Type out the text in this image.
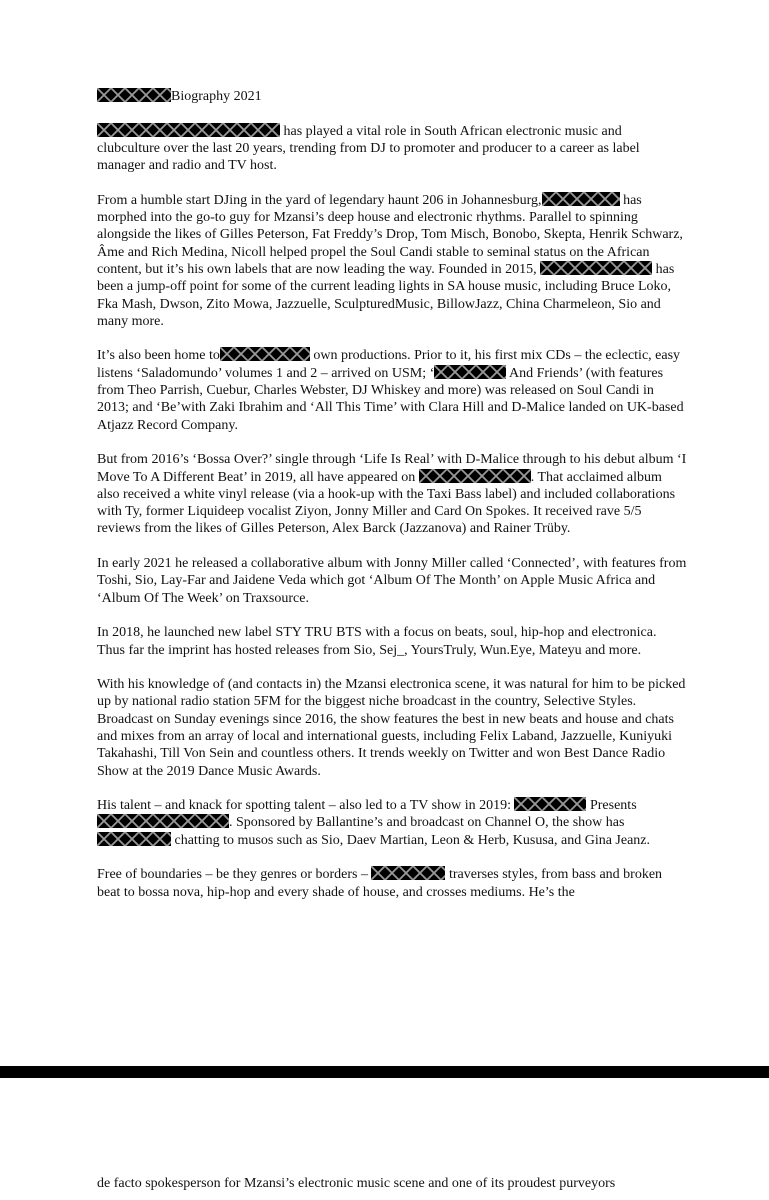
Biography 2021

has played a vital role in South African electronic music and clubculture over the last 20 years, trending from DJ to promoter and producer to a career as label manager and radio and TV host.

From a humble start DJing in the yard of legendary haunt 206 in Johannesburg,	has morphed into the go-to guy for Mzansi’s deep house and electronic rhythms. Parallel to spinning alongside the likes of Gilles Peterson, Fat Freddy’s Drop, Tom Misch, Bonobo, Skepta, Henrik Schwarz, Âme and Rich Medina, Nicoll helped propel the Soul Candi stable to seminal status on the African content, but it’s his own labels that are now leading the way. Founded in 2015,	has been a jump-off point for some of the current leading lights in SA house music, including Bruce Loko, Fka Mash, Dwson, Zito Mowa, Jazzuelle, SculpturedMusic, BillowJazz, China Charmeleon, Sio and many more.

It’s also been home to	own productions. Prior to it, his first mix CDs – the eclectic, easy listens ‘Saladomundo’ volumes 1 and 2 – arrived on USM; ‘	And Friends’ (with features from Theo Parrish, Cuebur, Charles Webster, DJ Whiskey and more) was released on Soul Candi in 2013; and ‘Be’with Zaki Ibrahim and ‘All This Time’ with Clara Hill and D-Malice landed on UK-based Atjazz Record Company.

But from 2016’s ‘Bossa Over?’ single through ‘Life Is Real’ with D-Malice through to his debut album ‘I Move To A Different Beat’ in 2019, all have appeared on	. That acclaimed album also received a white vinyl release (via a hook-up with the Taxi Bass label) and included collaborations with Ty, former Liquideep vocalist Ziyon, Jonny Miller and Card On Spokes. It received rave 5/5 reviews from the likes of Gilles Peterson, Alex Barck (Jazzanova) and Rainer Trüby.

In early 2021 he released a collaborative album with Jonny Miller called ‘Connected’, with features from Toshi, Sio, Lay-Far and Jaidene Veda which got ‘Album Of The Month’ on Apple Music Africa and ‘Album Of The Week’ on Traxsource.

In 2018, he launched new label STY TRU BTS with a focus on beats, soul, hip-hop and electronica. Thus far the imprint has hosted releases from Sio, Sej_, YoursTruly, Wun.Eye, Mateyu and more.

With his knowledge of (and contacts in) the Mzansi electronica scene, it was natural for him to be picked up by national radio station 5FM for the biggest niche broadcast in the country, Selective Styles. Broadcast on Sunday evenings since 2016, the show features the best in new beats and house and chats and mixes from an array of local and international guests, including Felix Laband, Jazzuelle, Kuniyuki Takahashi, Till Von Sein and countless others. It trends weekly on Twitter and won Best Dance Radio Show at the 2019 Dance Music Awards.

His talent – and knack for spotting talent – also led to a TV show in 2019:	Presents . Sponsored by Ballantine’s and broadcast on Channel O, the show has  chatting to musos such as Sio, Daev Martian, Leon & Herb, Kususa, and Gina Jeanz.

Free of boundaries – be they genres or borders –	traverses styles, from bass and broken beat to bossa nova, hip-hop and every shade of house, and crosses mediums. He’s the

de facto spokesperson for Mzansi’s electronic music scene and one of its proudest purveyors
